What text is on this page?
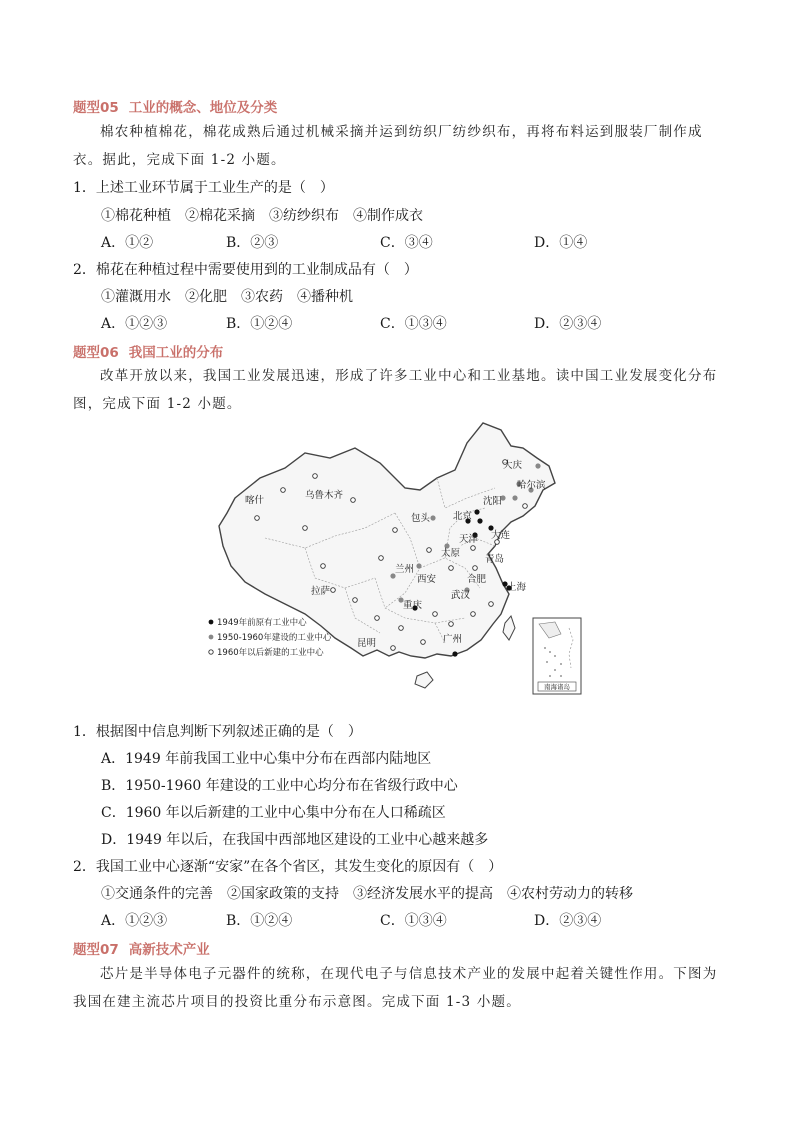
题型05 工业的概念、地位及分类
棉农种植棉花，棉花成熟后通过机械采摘并运到纺织厂纺纱织布，再将布料运到服装厂制作成衣。据此，完成下面 1-2 小题。
1．上述工业环节属于工业生产的是（　）
①棉花种植　②棉花采摘　③纺纱织布　④制作成衣
A．①②	B．②③	C．③④	D．①④
2．棉花在种植过程中需要使用到的工业制成品有（　）
①灌溉用水　②化肥　③农药　④播种机
A．①②③	B．①②④	C．①③④	D．②③④
题型06 我国工业的分布
改革开放以来，我国工业发展迅速，形成了许多工业中心和工业基地。读中国工业发展变化分布图，完成下面 1-2 小题。
南海诸岛
大庆
哈尔滨
乌鲁木齐
喀什	沈阳
北京
包头
天津 大连
太原
青岛
兰州
西安	合肥
上海
武汉
拉萨
重庆
昆明	广州
1949年前原有工业中心
1950-1960年建设的工业中心
1960年以后新建的工业中心
1．根据图中信息判断下列叙述正确的是（　）
A．1949 年前我国工业中心集中分布在西部内陆地区
B．1950-1960 年建设的工业中心均分布在省级行政中心
C．1960 年以后新建的工业中心集中分布在人口稀疏区
D．1949 年以后，在我国中西部地区建设的工业中心越来越多
2．我国工业中心逐渐“安家”在各个省区，其发生变化的原因有（　）
①交通条件的完善　②国家政策的支持　③经济发展水平的提高　④农村劳动力的转移
A．①②③	B．①②④	C．①③④	D．②③④
题型07 高新技术产业
芯片是半导体电子元器件的统称，在现代电子与信息技术产业的发展中起着关键性作用。下图为我国在建主流芯片项目的投资比重分布示意图。完成下面 1-3 小题。
